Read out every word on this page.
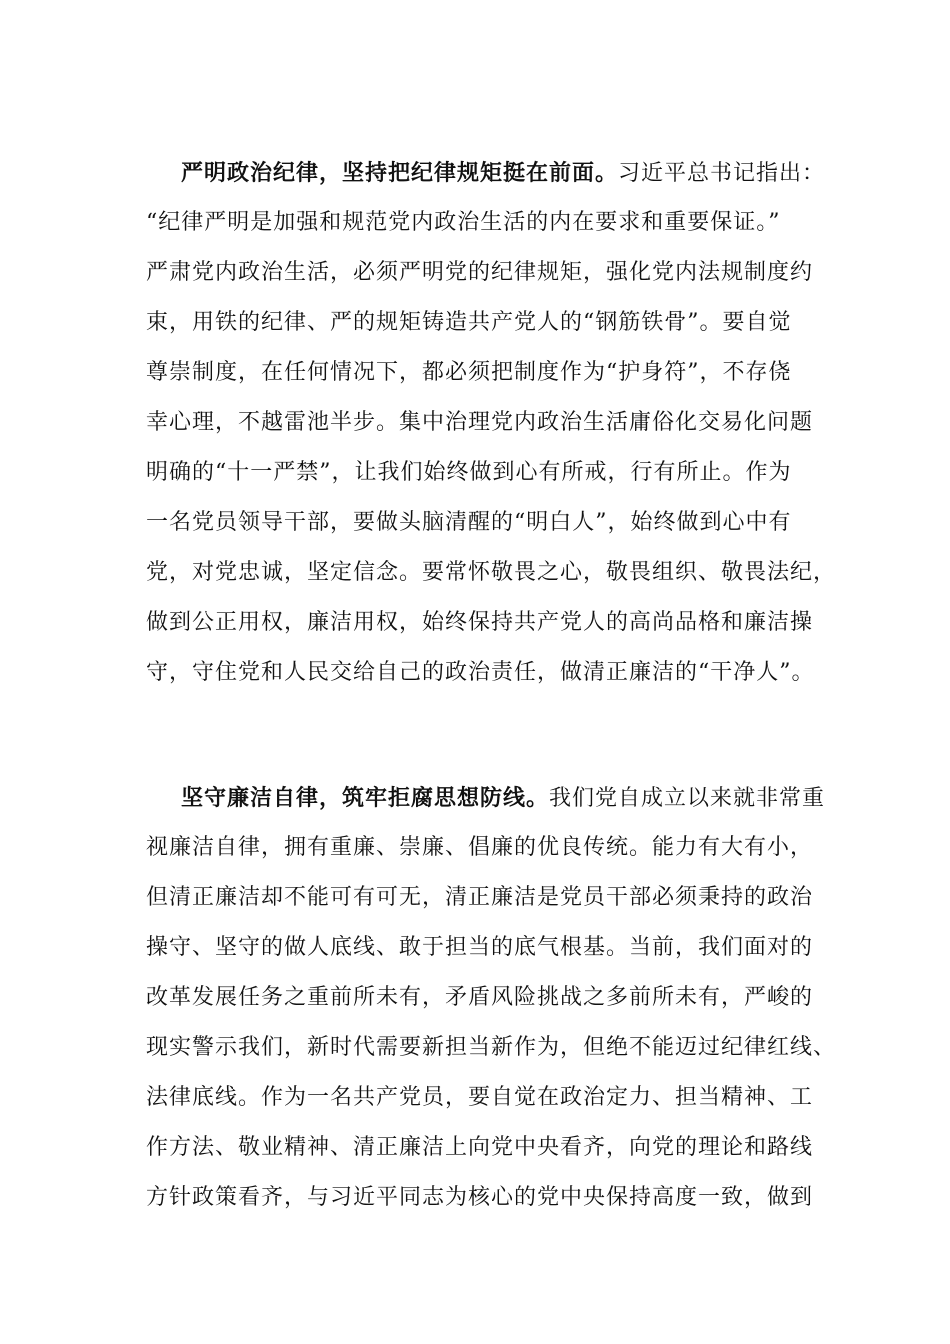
严明政治纪律，坚持把纪律规矩挺在前面。习近平总书记指出：
“纪律严明是加强和规范党内政治生活的内在要求和重要保证。”
严肃党内政治生活，必须严明党的纪律规矩，强化党内法规制度约
束，用铁的纪律、严的规矩铸造共产党人的“钢筋铁骨”。要自觉
尊崇制度，在任何情况下，都必须把制度作为“护身符”，不存侥
幸心理，不越雷池半步。集中治理党内政治生活庸俗化交易化问题
明确的“十一严禁”，让我们始终做到心有所戒，行有所止。作为
一名党员领导干部，要做头脑清醒的“明白人”，始终做到心中有
党，对党忠诚，坚定信念。要常怀敬畏之心，敬畏组织、敬畏法纪，
做到公正用权，廉洁用权，始终保持共产党人的高尚品格和廉洁操
守，守住党和人民交给自己的政治责任，做清正廉洁的“干净人”。
坚守廉洁自律，筑牢拒腐思想防线。我们党自成立以来就非常重
视廉洁自律，拥有重廉、崇廉、倡廉的优良传统。能力有大有小，
但清正廉洁却不能可有可无，清正廉洁是党员干部必须秉持的政治
操守、坚守的做人底线、敢于担当的底气根基。当前，我们面对的
改革发展任务之重前所未有，矛盾风险挑战之多前所未有，严峻的
现实警示我们，新时代需要新担当新作为，但绝不能迈过纪律红线、
法律底线。作为一名共产党员，要自觉在政治定力、担当精神、工
作方法、敬业精神、清正廉洁上向党中央看齐，向党的理论和路线
方针政策看齐，与习近平同志为核心的党中央保持高度一致，做到
